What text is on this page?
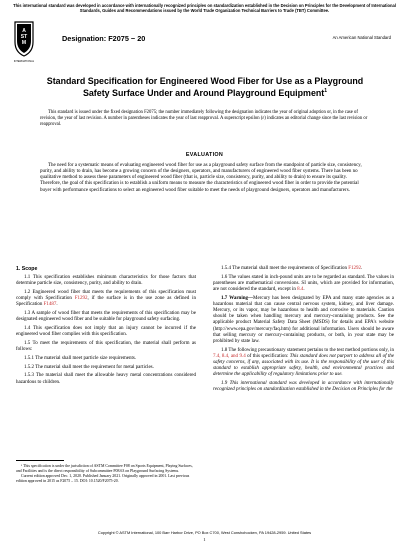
This international standard was developed in accordance with internationally recognized principles on standardization established in the Decision on Principles for the Development of International Standards, Guides and Recommendations issued by the World Trade Organization Technical Barriers to Trade (TBT) Committee.
A
ST
M
INTERNATIONAL
Designation: F2075 − 20	An American National Standard
Standard Specification for Engineered Wood Fiber for Use as a Playground Safety Surface Under and Around Playground Equipment$^1$

This standard is issued under the fixed designation F2075; the number immediately following the designation indicates the year of original adoption or, in the case of revision, the year of last revision. A number in parentheses indicates the year of last reapproval. A superscript epsilon (ε) indicates an editorial change since the last revision or reapproval.

EVALUATION
The need for a systematic means of evaluating engineered wood fiber for use as a playground safety surface from the standpoint of particle size, consistency, purity, and ability to drain, has become a growing concern of the designers, operators, and manufacturers of engineered wood fiber systems. There has been no qualitative method to assess these parameters of engineered wood fiber (that is, particle size, consistency, purity, and ability to drain) to ensure its quality. Therefore, the goal of this specification is to establish a uniform means to measure the characteristics of engineered wood fiber in order to provide the potential buyer with performance specifications to select an engineered wood fiber suitable to meet the needs of playground designers, operators and manufacturers.

1. Scope

1.1 This specification establishes minimum characteristics for those factors that determine particle size, consistency, purity, and ability to drain.

1.2 Engineered wood fiber that meets the requirements of this specification must comply with Specification F1292, if the surface is in the use zone as defined in Specification F1487.

1.3 A sample of wood fiber that meets the requirements of this specification may be designated engineered wood fiber and be suitable for playground safety surfacing.

1.4 This specification does not imply that an injury cannot be incurred if the engineered wood fiber complies with this specification.

1.5 To meet the requirements of this specification, the material shall perform as follows:

1.5.1 The material shall meet particle size requirements.

1.5.2 The material shall meet the requirement for metal particles.

1.5.3 The material shall meet the allowable heavy metal concentrations considered hazardous to children.

¹ This specification is under the jurisdiction of ASTM Committee F08 on Sports Equipment, Playing Surfaces, and Facilities and is the direct responsibility of Subcommittee F08.63 on Playground Surfacing Systems.

Current edition approved Dec. 1, 2020. Published January 2021. Originally approved in 2001. Last previous edition approved in 2015 as F2075 – 15. DOI: 10.1520/F2075-20.

1.5.4 The material shall meet the requirements of Specification F1292.

1.6 The values stated in inch-pound units are to be regarded as standard. The values in parentheses are mathematical conversions. SI units, which are provided for information, are not considered the standard, except in 8.4.

1.7 Warning—Mercury has been designated by EPA and many state agencies as a hazardous material that can cause central nervous system, kidney, and liver damage. Mercury, or its vapor, may be hazardous to health and corrosive to materials. Caution should be taken when handling mercury and mercury-containing products. See the applicable product Material Safety Data Sheet (MSDS) for details and EPA's website (http://www.epa.gov/mercury/faq.htm) for additional information. Users should be aware that selling mercury or mercury-containing products, or both, in your state may be prohibited by state law.

1.8 The following precautionary statement pertains to the test method portions only, in 7.4, 8.4, and 9.4 of this specification: This standard does not purport to address all of the safety concerns, if any, associated with its use. It is the responsibility of the user of this standard to establish appropriate safety, health, and environmental practices and determine the applicability of regulatory limitations prior to use.

1.9 This international standard was developed in accordance with internationally recognized principles on standardization established in the Decision on Principles for the

Copyright © ASTM International, 100 Barr Harbor Drive, PO Box C700, West Conshohocken, PA 19428-2959. United States
1
